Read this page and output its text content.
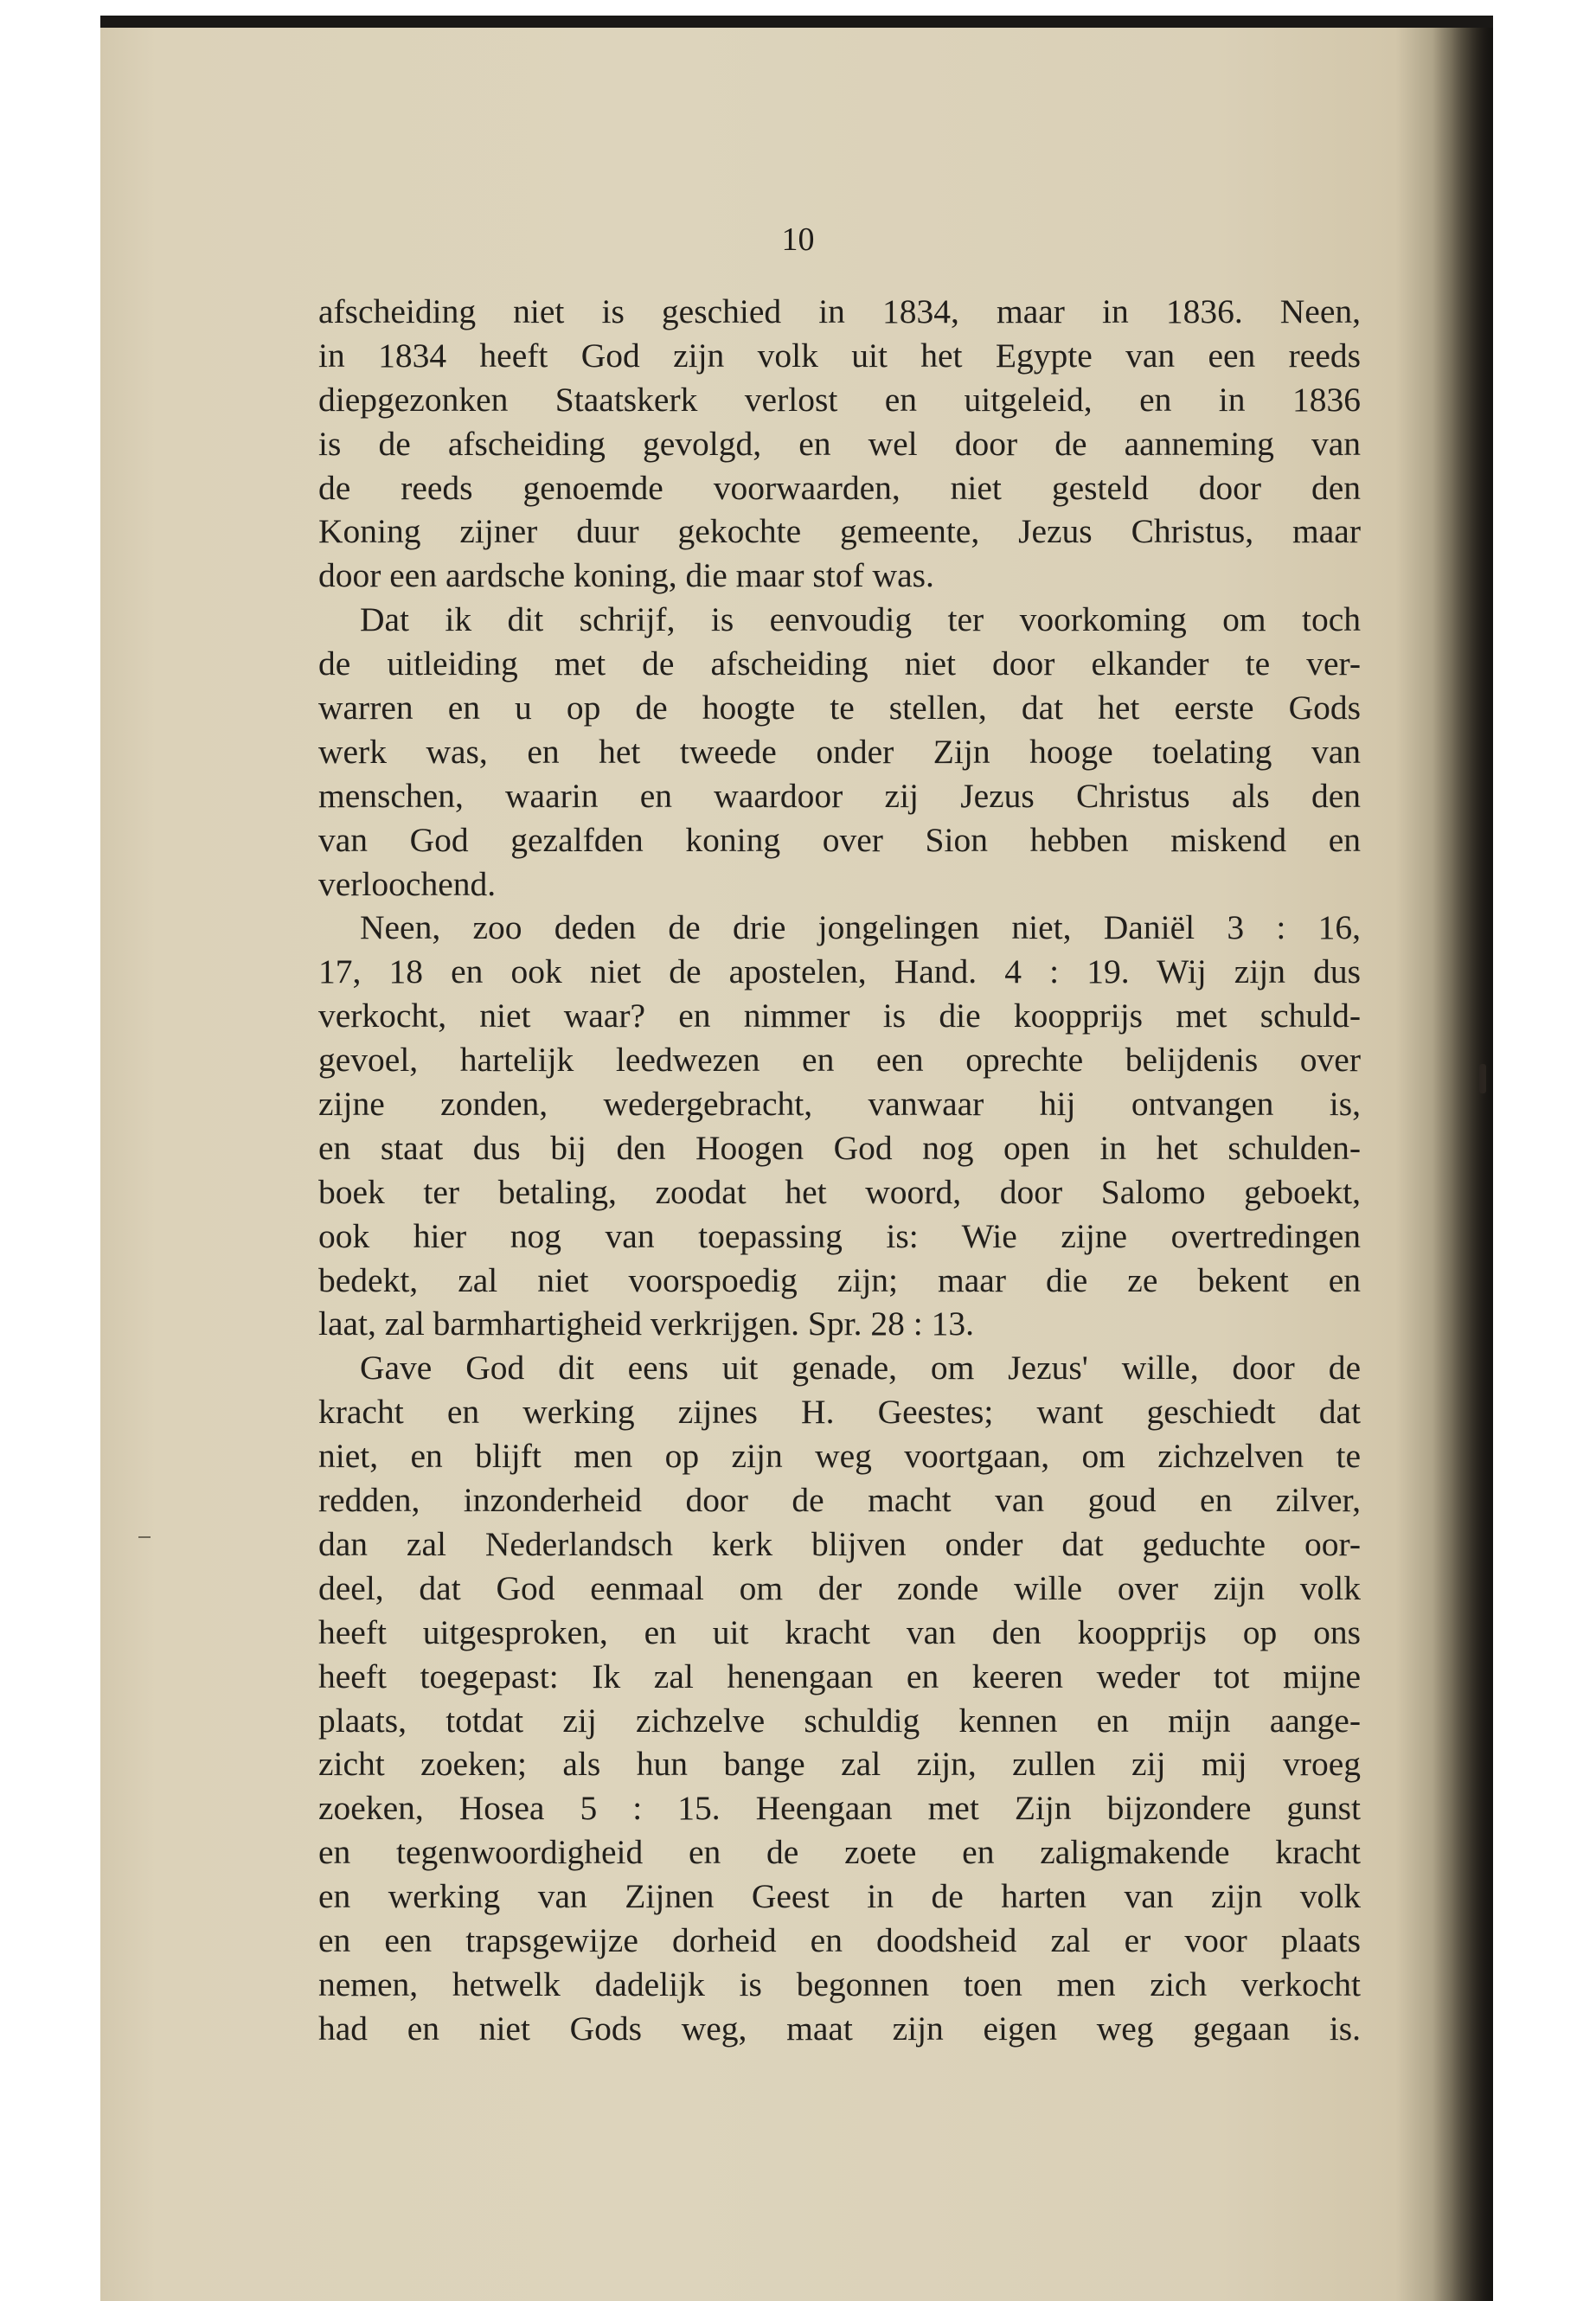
10
afscheiding niet is geschied in 1834, maar in 1836. Neen,
in 1834 heeft God zijn volk uit het Egypte van een reeds
diepgezonken Staatskerk verlost en uitgeleid, en in 1836
is de afscheiding gevolgd, en wel door de aanneming van
de reeds genoemde voorwaarden, niet gesteld door den
Koning zijner duur gekochte gemeente, Jezus Christus, maar
door een aardsche koning, die maar stof was.
Dat ik dit schrijf, is eenvoudig ter voorkoming om toch
de uitleiding met de afscheiding niet door elkander te ver-
warren en u op de hoogte te stellen, dat het eerste Gods
werk was, en het tweede onder Zijn hooge toelating van
menschen, waarin en waardoor zij Jezus Christus als den
van God gezalfden koning over Sion hebben miskend en
verloochend.
Neen, zoo deden de drie jongelingen niet, Daniël 3 : 16,
17, 18 en ook niet de apostelen, Hand. 4 : 19. Wij zijn dus
verkocht, niet waar? en nimmer is die koopprijs met schuld-
gevoel, hartelijk leedwezen en een oprechte belijdenis over
zijne zonden, wedergebracht, vanwaar hij ontvangen is,
en staat dus bij den Hoogen God nog open in het schulden-
boek ter betaling, zoodat het woord, door Salomo geboekt,
ook hier nog van toepassing is: Wie zijne overtredingen
bedekt, zal niet voorspoedig zijn; maar die ze bekent en
laat, zal barmhartigheid verkrijgen. Spr. 28 : 13.
Gave God dit eens uit genade, om Jezus' wille, door de
kracht en werking zijnes H. Geestes; want geschiedt dat
niet, en blijft men op zijn weg voortgaan, om zichzelven te
redden, inzonderheid door de macht van goud en zilver,
dan zal Nederlandsch kerk blijven onder dat geduchte oor-
deel, dat God eenmaal om der zonde wille over zijn volk
heeft uitgesproken, en uit kracht van den koopprijs op ons
heeft toegepast: Ik zal henengaan en keeren weder tot mijne
plaats, totdat zij zichzelve schuldig kennen en mijn aange-
zicht zoeken; als hun bange zal zijn, zullen zij mij vroeg
zoeken, Hosea 5 : 15. Heengaan met Zijn bijzondere gunst
en tegenwoordigheid en de zoete en zaligmakende kracht
en werking van Zijnen Geest in de harten van zijn volk
en een trapsgewijze dorheid en doodsheid zal er voor plaats
nemen, hetwelk dadelijk is begonnen toen men zich verkocht
had en niet Gods weg, maat zijn eigen weg gegaan is.
